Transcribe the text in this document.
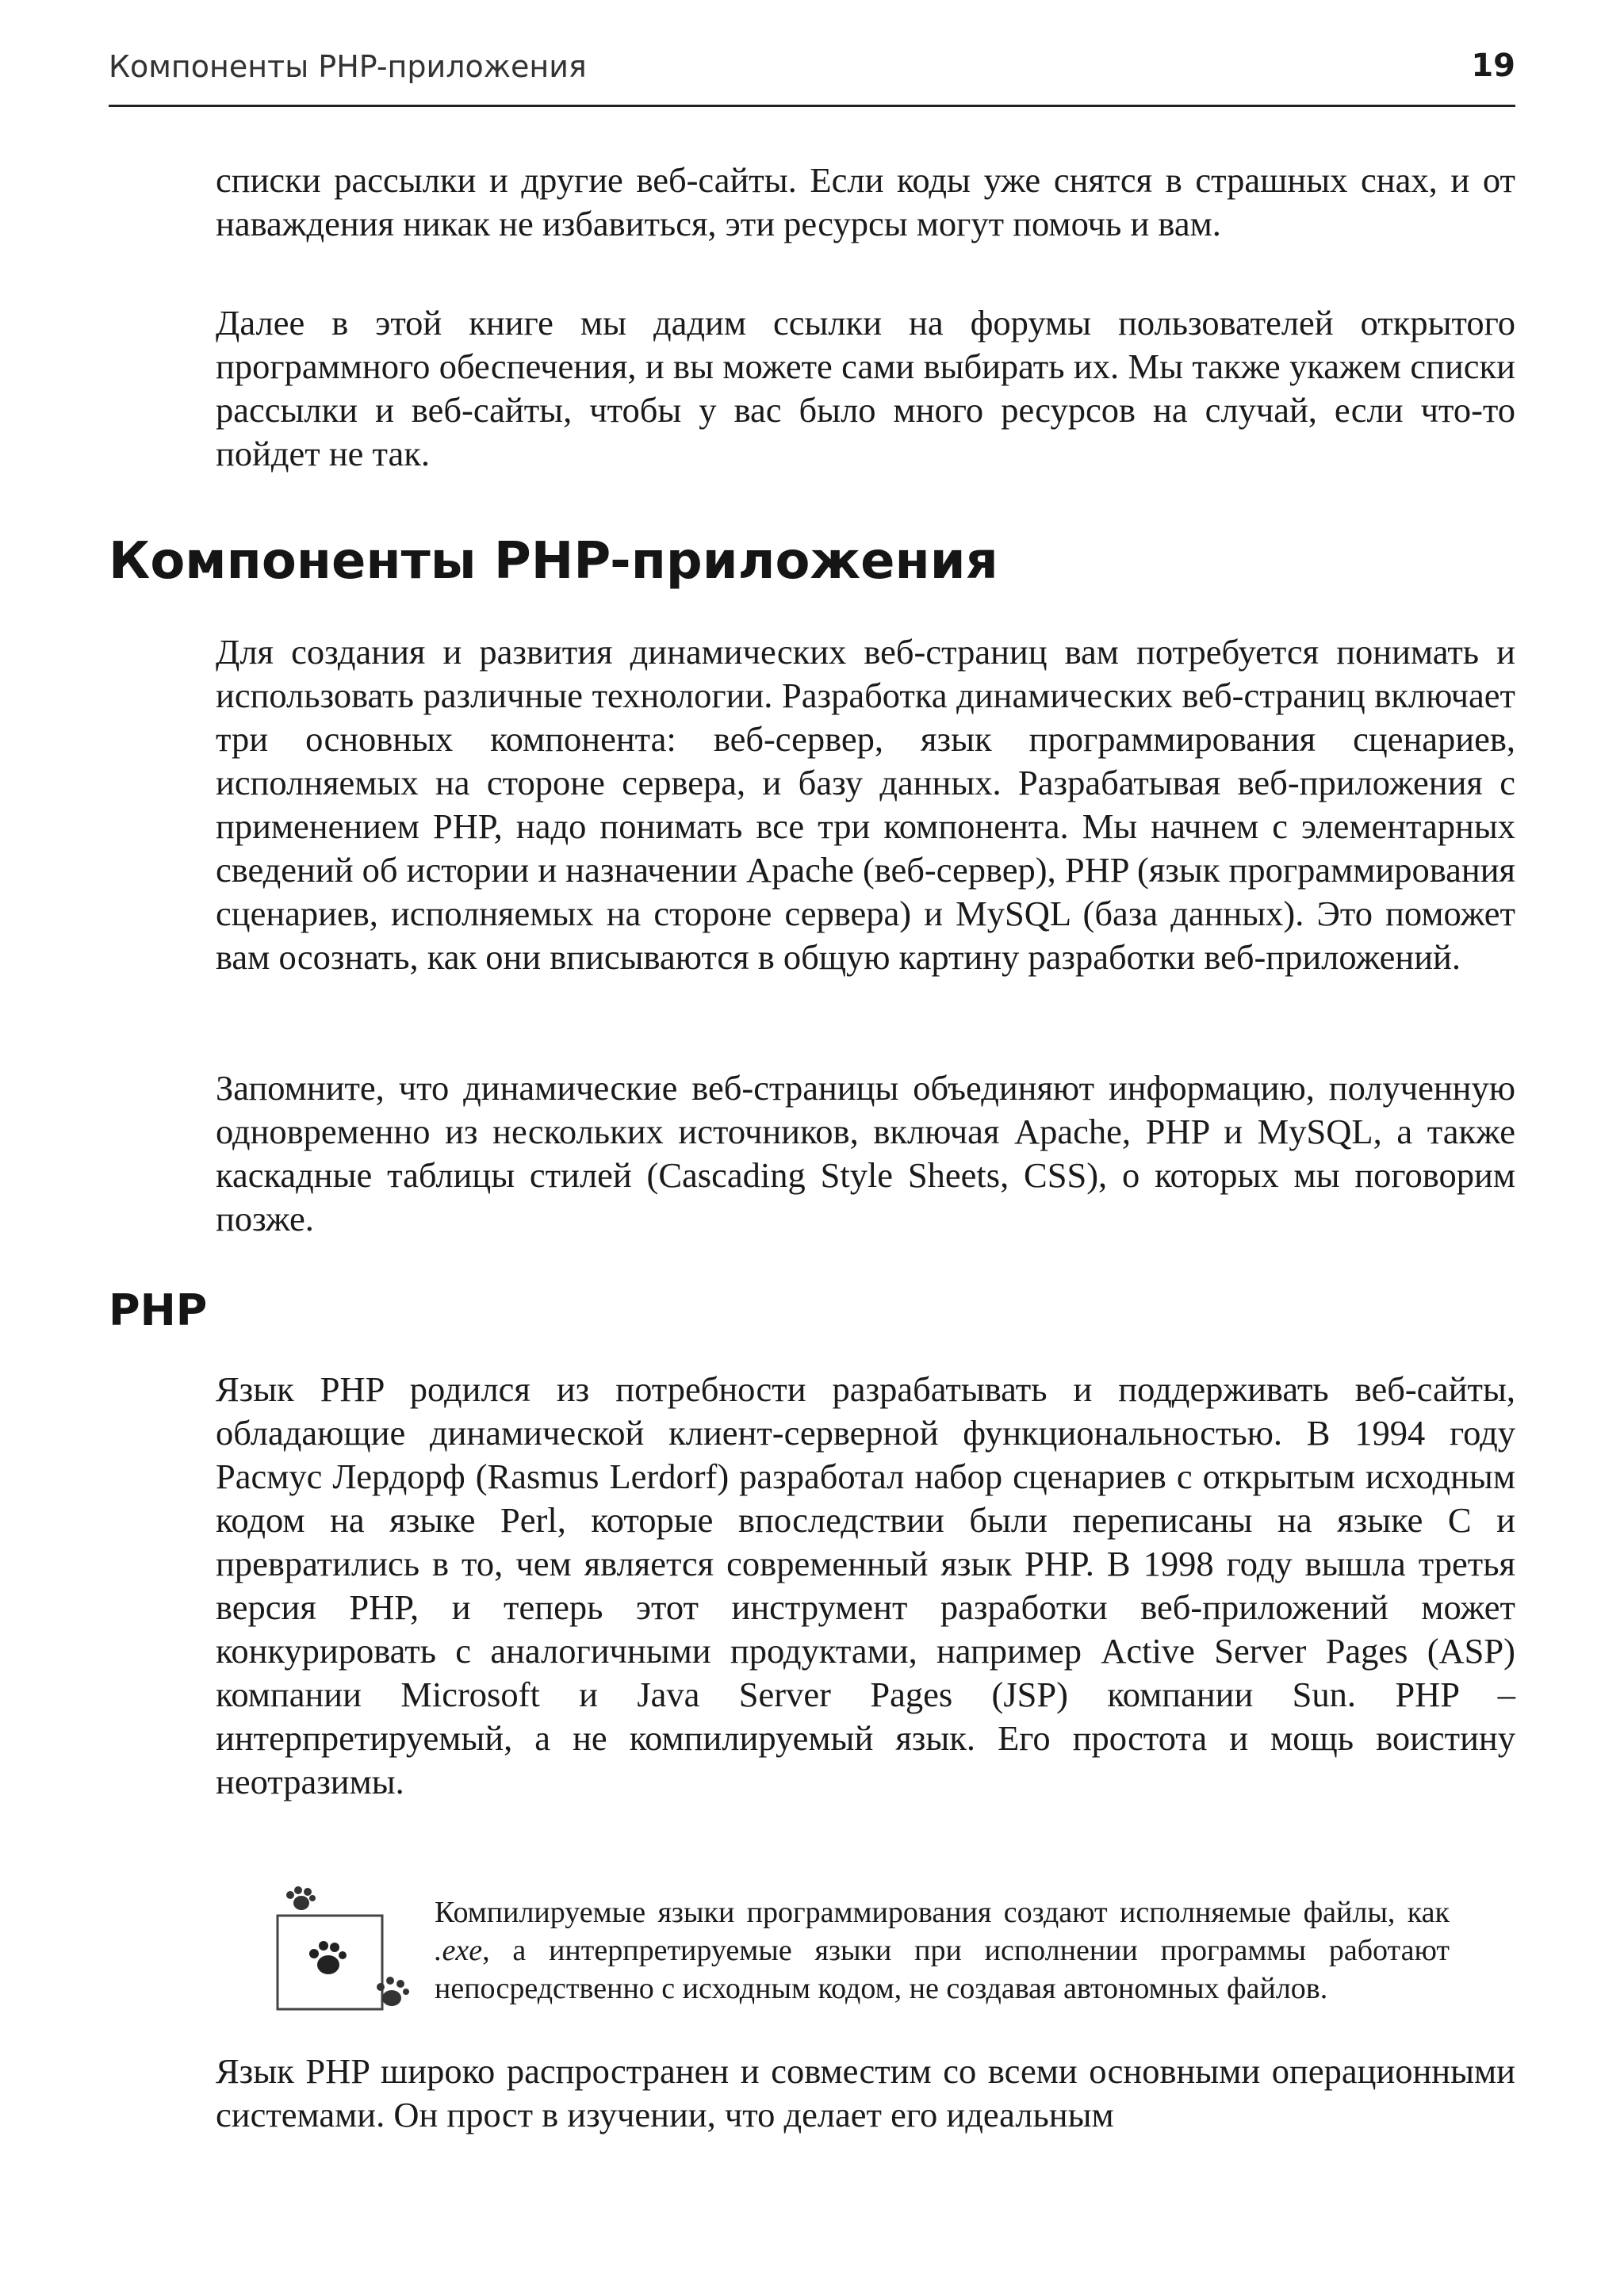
Компоненты PHP-приложения	19

списки рассылки и другие веб-сайты. Если коды уже снятся в страшных снах, и от наваждения никак не избавиться, эти ресурсы могут помочь и вам.

Далее в этой книге мы дадим ссылки на форумы пользователей открытого программного обеспечения, и вы можете сами выбирать их. Мы также укажем списки рассылки и веб-сайты, чтобы у вас было много ресурсов на случай, если что-то пойдет не так.

Компоненты PHP-приложения

Для создания и развития динамических веб-страниц вам потребуется понимать и использовать различные технологии. Разработка динамических веб-страниц включает три основных компонента: веб-сервер, язык программирования сценариев, исполняемых на стороне сервера, и базу данных. Разрабатывая веб-приложения с применением PHP, надо понимать все три компонента. Мы начнем с элементарных сведений об истории и назначении Apache (веб-сервер), PHP (язык программирования сценариев, исполняемых на стороне сервера) и MySQL (база данных). Это поможет вам осознать, как они вписываются в общую картину разработки веб-приложений.

Запомните, что динамические веб-страницы объединяют информацию, полученную одновременно из нескольких источников, включая Apache, PHP и MySQL, а также каскадные таблицы стилей (Cascading Style Sheets, CSS), о которых мы поговорим позже.

PHP

Язык PHP родился из потребности разрабатывать и поддерживать веб-сайты, обладающие динамической клиент-серверной функциональностью. В 1994 году Расмус Лердорф (Rasmus Lerdorf) разработал набор сценариев с открытым исходным кодом на языке Perl, которые впоследствии были переписаны на языке C и превратились в то, чем является современный язык PHP. В 1998 году вышла третья версия PHP, и теперь этот инструмент разработки веб-приложений может конкурировать с аналогичными продуктами, например Active Server Pages (ASP) компании Microsoft и Java Server Pages (JSP) компании Sun. PHP – интерпретируемый, а не компилируемый язык. Его простота и мощь воистину неотразимы.

Компилируемые языки программирования создают исполняемые файлы, как .exe, а интерпретируемые языки при исполнении программы работают непосредственно с исходным кодом, не создавая автономных файлов.

Язык PHP широко распространен и совместим со всеми основными операционными системами. Он прост в изучении, что делает его идеальным
